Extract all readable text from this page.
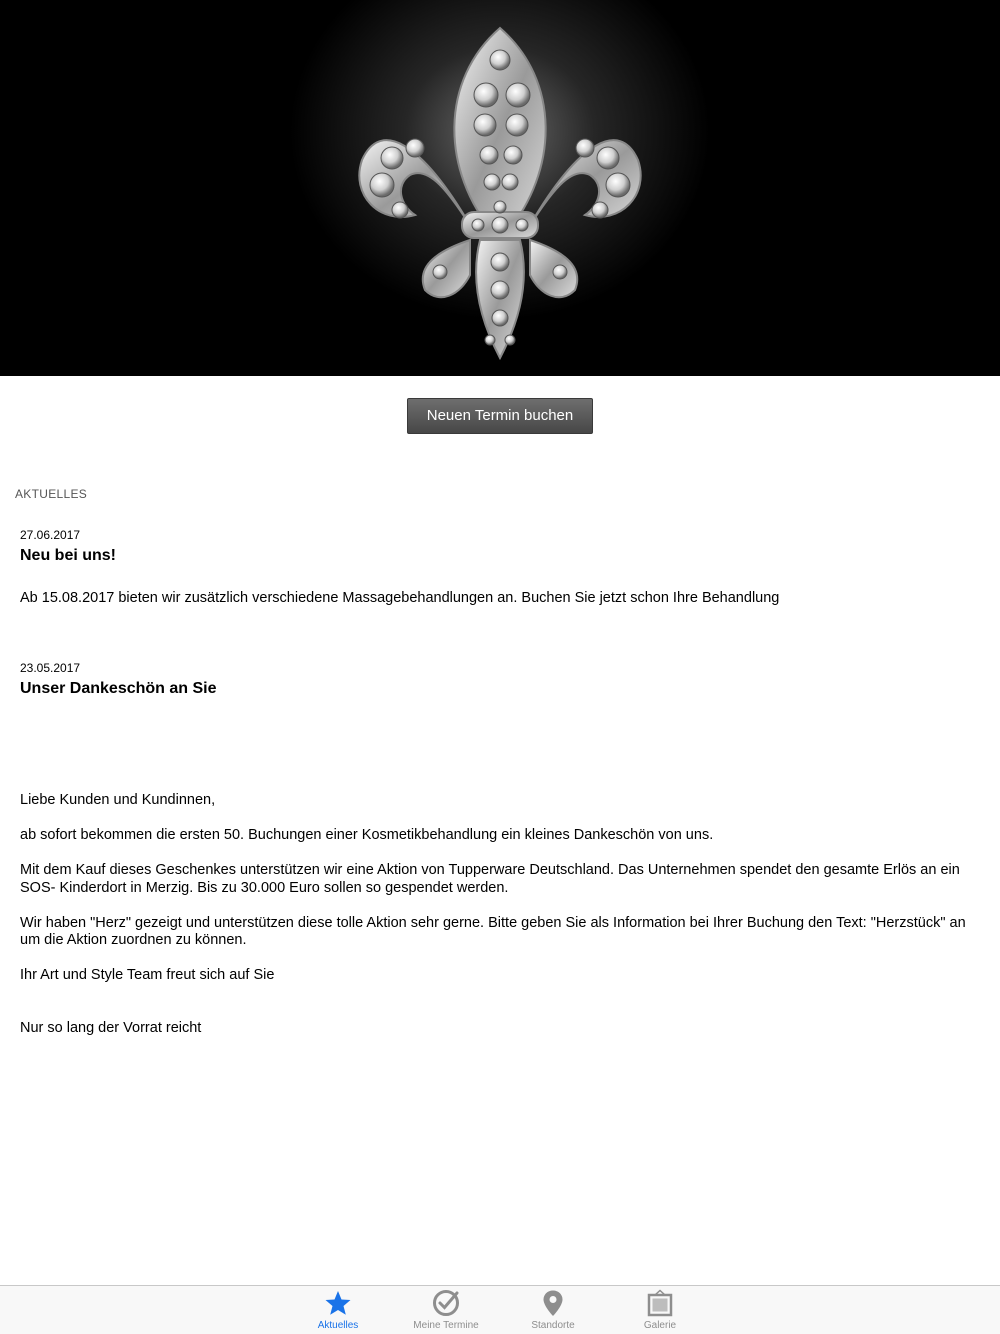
Neuen Termin buchen
AKTUELLES
27.06.2017
Neu bei uns!

Ab 15.08.2017 bieten wir zusätzlich verschiedene Massagebehandlungen an. Buchen Sie jetzt schon Ihre Behandlung

23.05.2017
Unser Dankeschön an Sie

Liebe Kunden und Kundinnen,

ab sofort bekommen die ersten 50. Buchungen einer Kosmetikbehandlung ein kleines Dankeschön von uns.

Mit dem Kauf dieses Geschenkes unterstützen wir eine Aktion von Tupperware Deutschland. Das Unternehmen spendet den gesamte Erlös an ein SOS- Kinderdort in Merzig. Bis zu 30.000 Euro sollen so gespendet werden.

Wir haben "Herz" gezeigt und unterstützen diese tolle Aktion sehr gerne. Bitte geben Sie als Information bei Ihrer Buchung den Text: "Herzstück" an um die Aktion zuordnen zu können.

Ihr Art und Style Team freut sich auf Sie

Nur so lang der Vorrat reicht

Aktuelles	Meine Termine	Standorte	Galerie
